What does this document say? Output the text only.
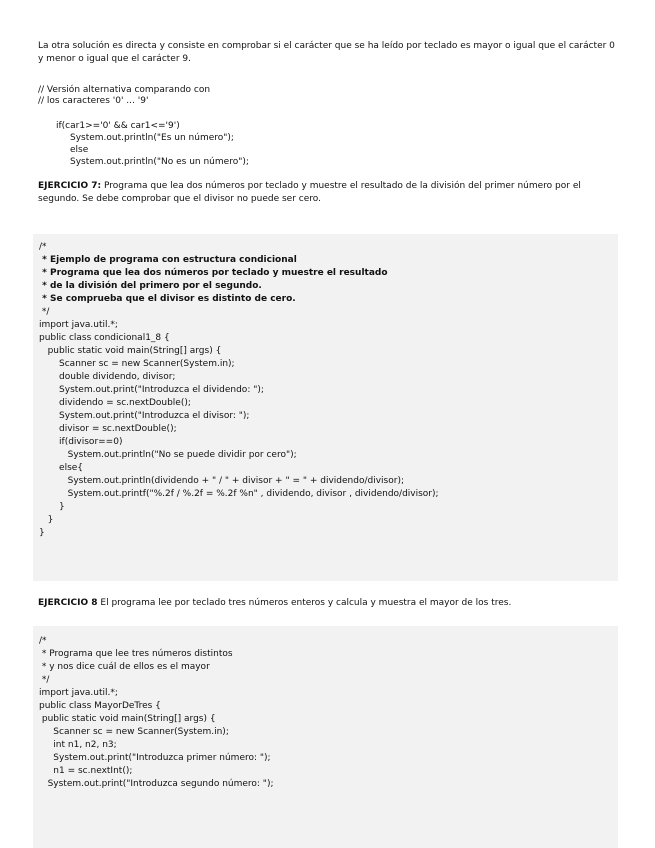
La otra solución es directa y consiste en comprobar si el carácter que se ha leído por teclado es mayor o igual que el carácter 0 y menor o igual que el carácter 9.

// Versión alternativa comparando con

// los caracteres '0' ... '9'

if(car1>='0' && car1<='9')

System.out.println("Es un número");

else

System.out.println("No es un número");

EJERCICIO 7: Programa que lea dos números por teclado y muestre el resultado de la división del primer número por el segundo. Se debe comprobar que el divisor no puede ser cero.

/*

* Ejemplo de programa con estructura condicional

* Programa que lea dos números por teclado y muestre el resultado

* de la división del primero por el segundo.

* Se comprueba que el divisor es distinto de cero.

*/

import java.util.*;

public class condicional1_8 {

public static void main(String[] args) {

Scanner sc = new Scanner(System.in);

double dividendo, divisor;

System.out.print("Introduzca el dividendo: ");

dividendo = sc.nextDouble();

System.out.print("Introduzca el divisor: ");

divisor = sc.nextDouble();

if(divisor==0)

System.out.println("No se puede dividir por cero");

else{

System.out.println(dividendo + " / " + divisor + " = " + dividendo/divisor);

System.out.printf("%.2f / %.2f = %.2f %n" , dividendo, divisor , dividendo/divisor);

}

}

}

EJERCICIO 8 El programa lee por teclado tres números enteros y calcula y muestra el mayor de los tres.

/*

* Programa que lee tres números distintos

* y nos dice cuál de ellos es el mayor

*/

import java.util.*;

public class MayorDeTres {

public static void main(String[] args) {

Scanner sc = new Scanner(System.in);

int n1, n2, n3;

System.out.print("Introduzca primer número: ");

n1 = sc.nextInt();

System.out.print("Introduzca segundo número: ");
